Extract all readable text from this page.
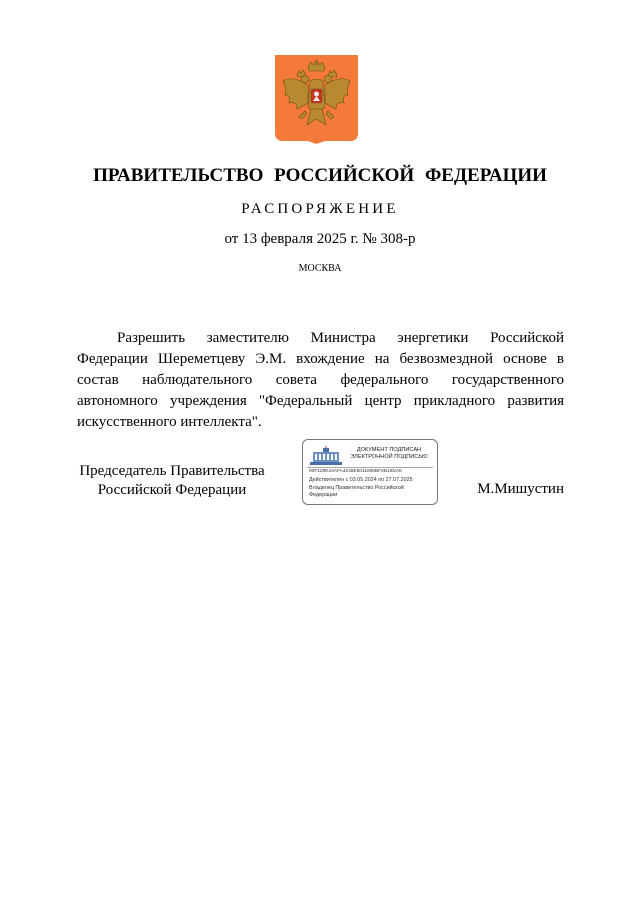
ПРАВИТЕЛЬСТВО РОССИЙСКОЙ ФЕДЕРАЦИИ
РАСПОРЯЖЕНИЕ
от 13 февраля 2025 г. № 308-р
МОСКВА

Разрешить заместителю Министра энергетики Российской Федерации Шереметцеву Э.М. вхождение на безвозмездной основе в состав наблюдательного совета федерального государственного автономного учреждения "Федеральный центр прикладного развития искусственного интеллекта".

Председатель Правительства
Российской Федерации
ДОКУМЕНТ ПОДПИСАН
ЭЛЕКТРОННОЙ ПОДПИСЬЮ
00F129K24AFA4248E5011890BF2B16DA8
Действителен с 03.05.2024 по 27.07.2025
Владелец Правительство Российской Федерации	М.Мишустин
